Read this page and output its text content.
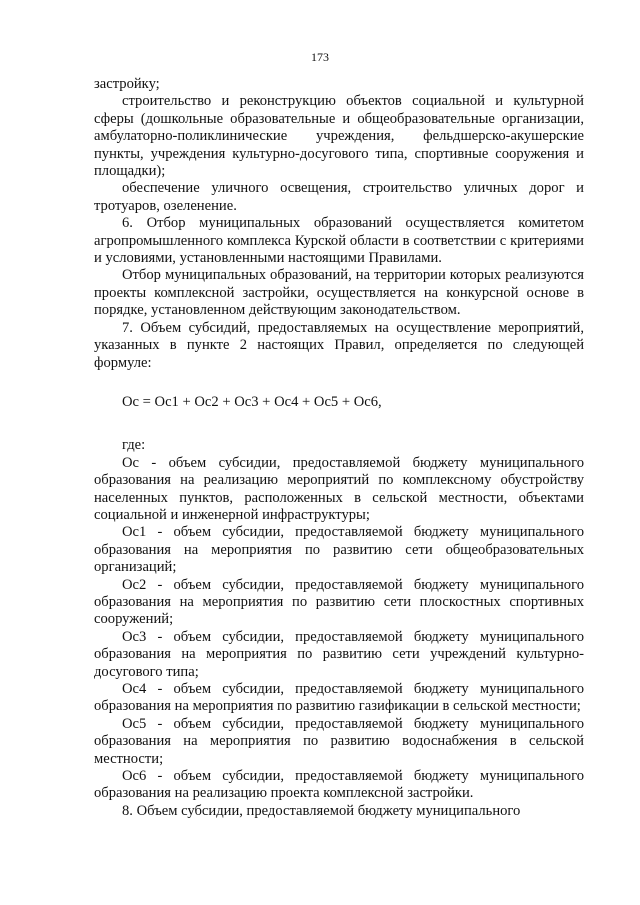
173

застройку;

строительство и реконструкцию объектов социальной и культурной сферы (дошкольные образовательные и общеобразовательные организации, амбулаторно-поликлинические учреждения, фельдшерско-акушерские пункты, учреждения культурно-досугового типа, спортивные сооружения и площадки);

обеспечение уличного освещения, строительство уличных дорог и тротуаров, озеленение.

6. Отбор муниципальных образований осуществляется комитетом агропромышленного комплекса Курской области в соответствии с критериями и условиями, установленными настоящими Правилами.

Отбор муниципальных образований, на территории которых реализуются проекты комплексной застройки, осуществляется на конкурсной основе в порядке, установленном действующим законодательством.

7. Объем субсидий, предоставляемых на осуществление мероприятий, указанных в пункте 2 настоящих Правил, определяется по следующей формуле:

Ос = Ос1 + Ос2 + Ос3 + Ос4 + Ос5 + Ос6,

где:

Ос - объем субсидии, предоставляемой бюджету муниципального образования на реализацию мероприятий по комплексному обустройству населенных пунктов, расположенных в сельской местности, объектами социальной и инженерной инфраструктуры;

Ос1 - объем субсидии, предоставляемой бюджету муниципального образования на мероприятия по развитию сети общеобразовательных организаций;

Ос2 - объем субсидии, предоставляемой бюджету муниципального образования на мероприятия по развитию сети плоскостных спортивных сооружений;

Ос3 - объем субсидии, предоставляемой бюджету муниципального образования на мероприятия по развитию сети учреждений культурно-досугового типа;

Ос4 - объем субсидии, предоставляемой бюджету муниципального образования на мероприятия по развитию газификации в сельской местности;

Ос5 - объем субсидии, предоставляемой бюджету муниципального образования на мероприятия по развитию водоснабжения в сельской местности;

Ос6 - объем субсидии, предоставляемой бюджету муниципального образования на реализацию проекта комплексной застройки.

8. Объем субсидии, предоставляемой бюджету муниципального
